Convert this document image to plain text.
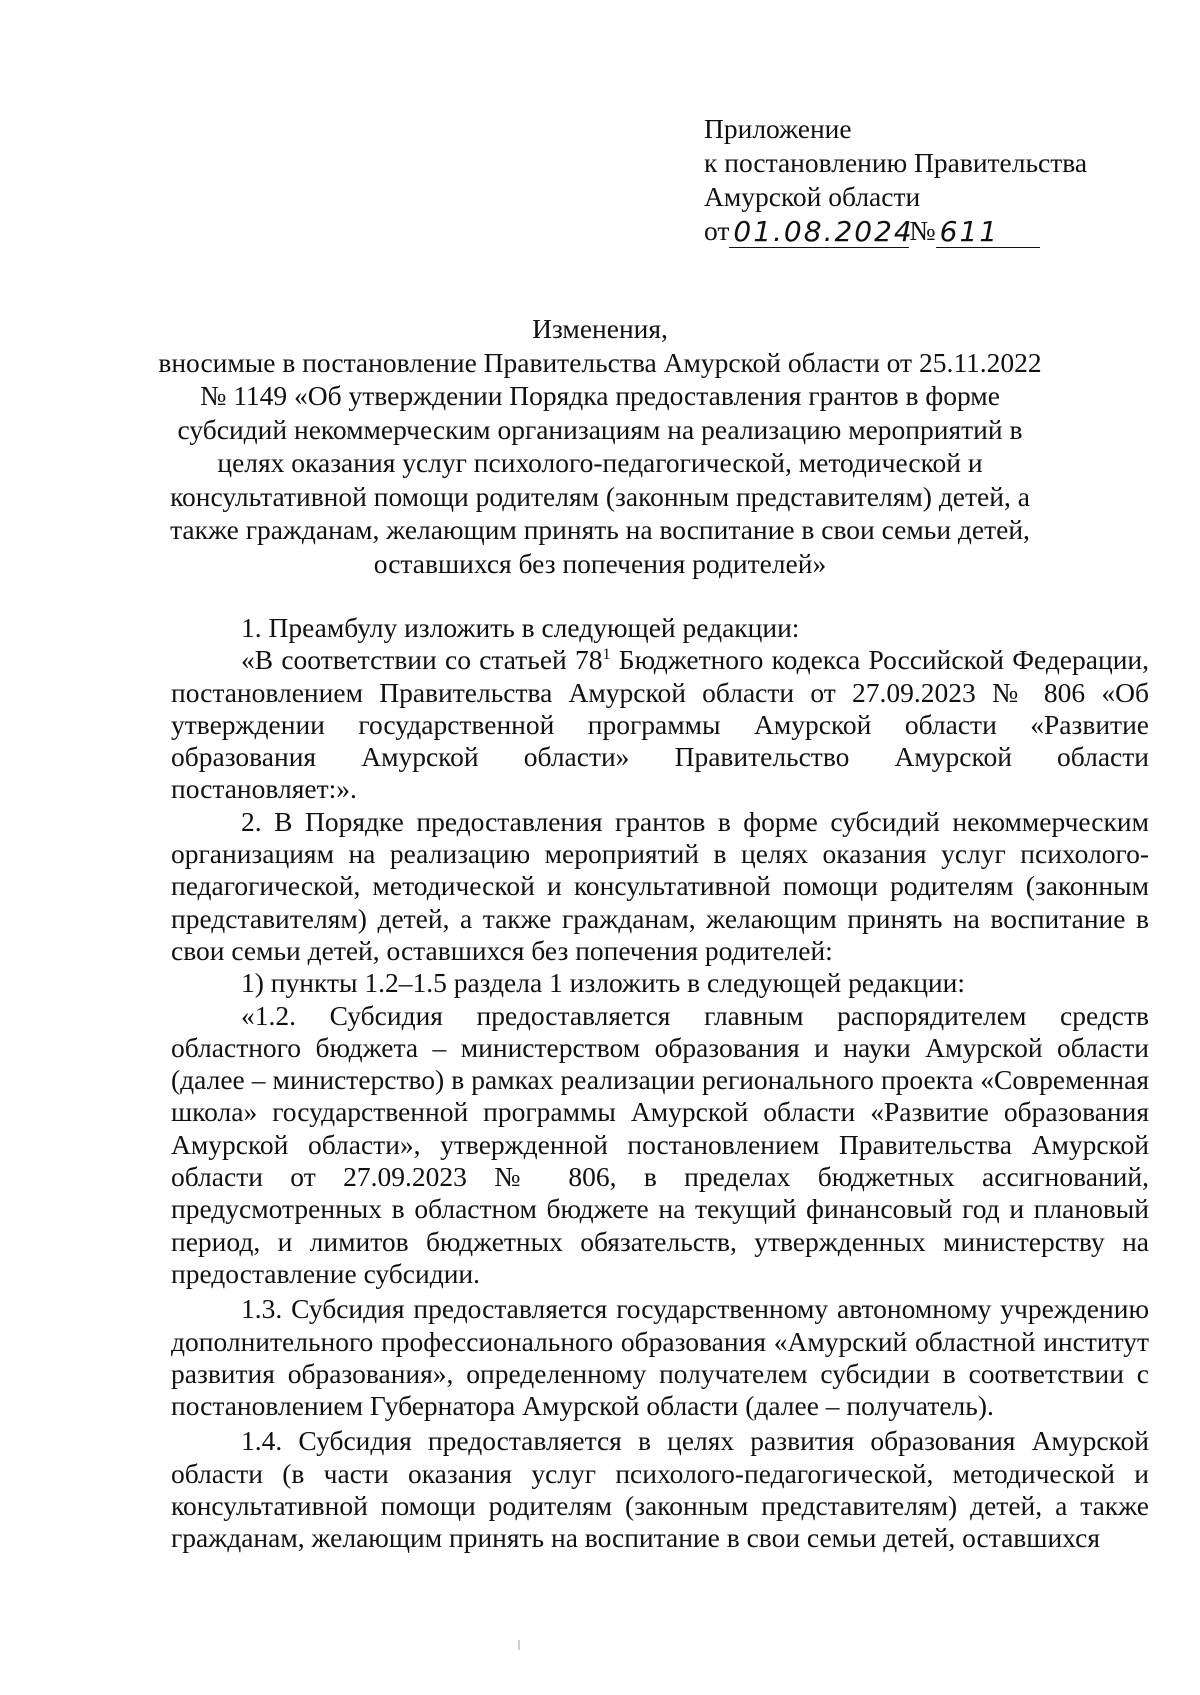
Приложение
к постановлению Правительства
Амурской области
от 01.08.2024
№ 611
Изменения,
вносимые в постановление Правительства Амурской области от 25.11.2022 № 1149 «Об утверждении Порядка предоставления грантов в форме субсидий некоммерческим организациям на реализацию мероприятий в целях оказания услуг психолого-педагогической, методической и консультативной помощи родителям (законным представителям) детей, а также гражданам, желающим принять на воспитание в свои семьи детей, оставшихся без попечения родителей»

1. Преамбулу изложить в следующей редакции:

«В соответствии со статьей $78^1$ Бюджетного кодекса Российской Федерации, постановлением Правительства Амурской области от 27.09.2023 № 806 «Об утверждении государственной программы Амурской области «Развитие образования Амурской области» Правительство Амурской области постановляет:».

2. В Порядке предоставления грантов в форме субсидий некоммерческим организациям на реализацию мероприятий в целях оказания услуг психолого-педагогической, методической и консультативной помощи родителям (законным представителям) детей, а также гражданам, желающим принять на воспитание в свои семьи детей, оставшихся без попечения родителей:

1) пункты 1.2–1.5 раздела 1 изложить в следующей редакции:

«1.2. Субсидия предоставляется главным распорядителем средств областного бюджета – министерством образования и науки Амурской области (далее – министерство) в рамках реализации регионального проекта «Современная школа» государственной программы Амурской области «Развитие образования Амурской области», утвержденной постановлением Правительства Амурской области от 27.09.2023 № 806, в пределах бюджетных ассигнований, предусмотренных в областном бюджете на текущий финансовый год и плановый период, и лимитов бюджетных обязательств, утвержденных министерству на предоставление субсидии.

1.3. Субсидия предоставляется государственному автономному учреждению дополнительного профессионального образования «Амурский областной институт развития образования», определенному получателем субсидии в соответствии с постановлением Губернатора Амурской области (далее – получатель).

1.4. Субсидия предоставляется в целях развития образования Амурской области (в части оказания услуг психолого-педагогической, методической и консультативной помощи родителям (законным представителям) детей, а также гражданам, желающим принять на воспитание в свои семьи детей, оставшихся
